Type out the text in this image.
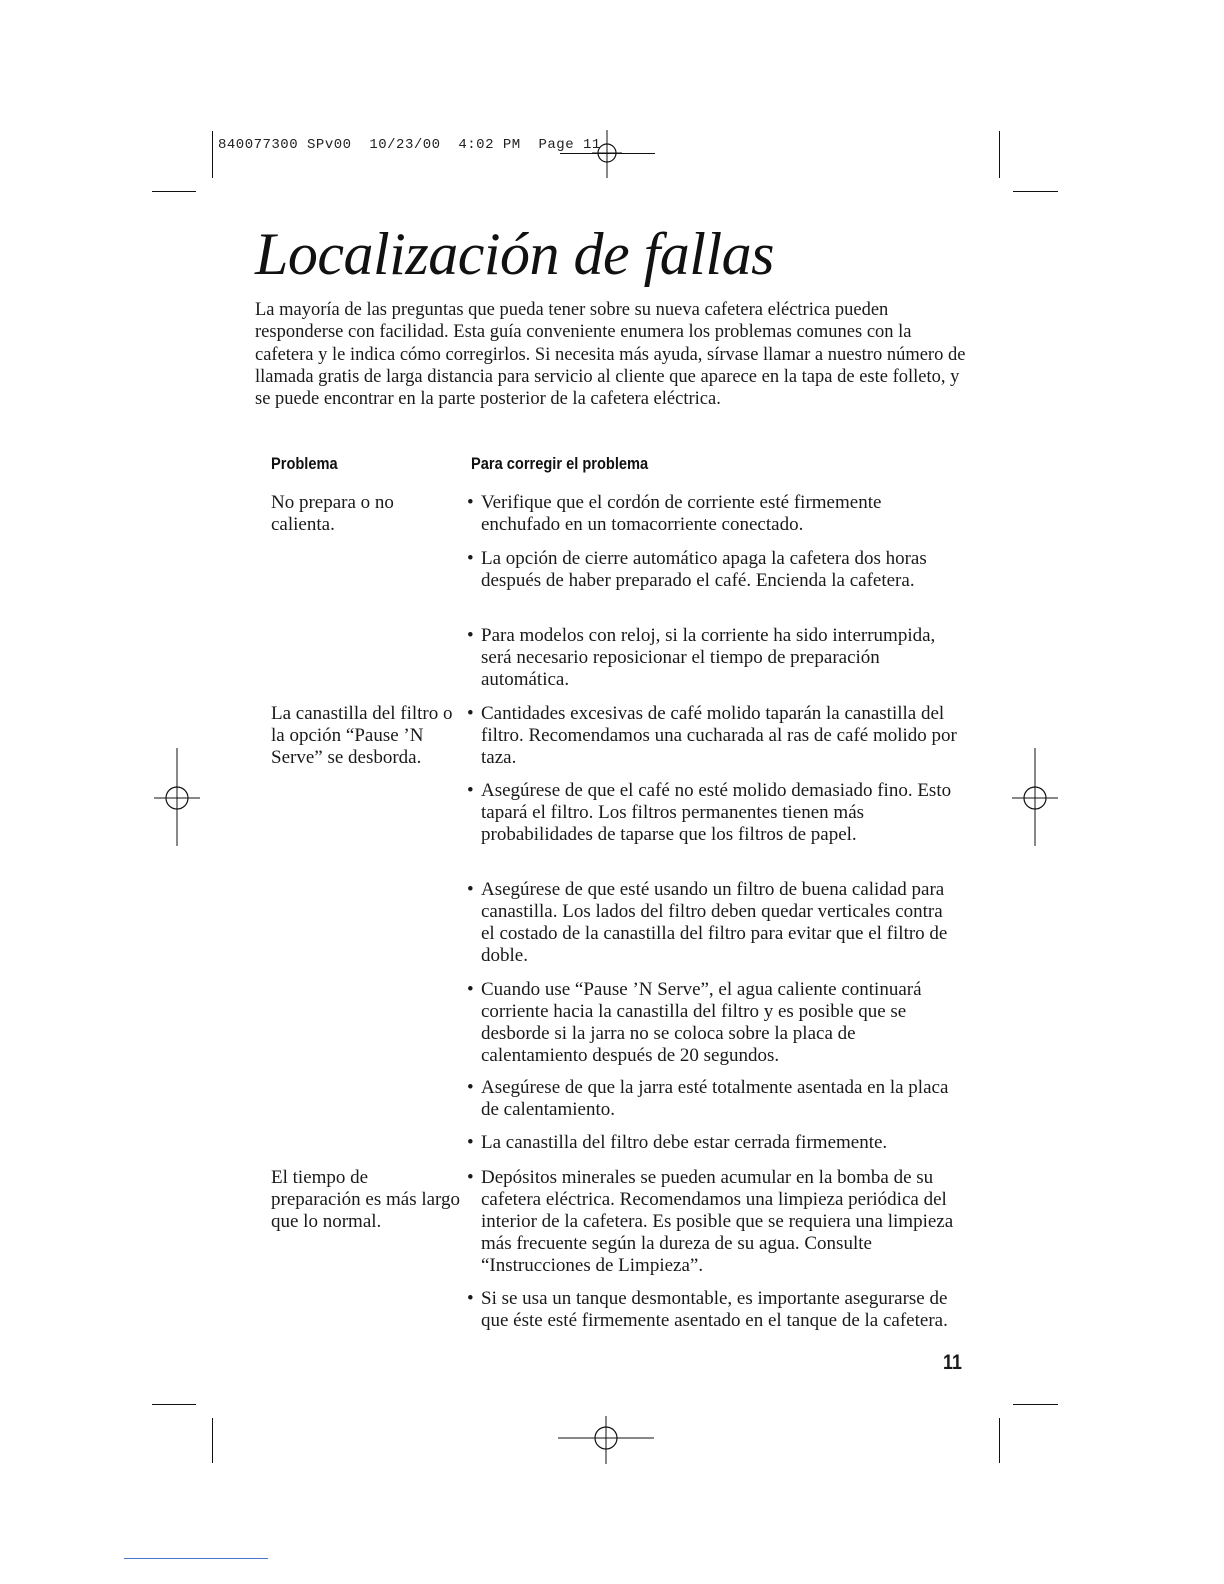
840077300 SPv00 10/23/00 4:02 PM Page 11
Localización de fallas

La mayoría de las preguntas que pueda tener sobre su nueva cafetera eléctrica pueden responderse con facilidad. Esta guía conveniente enumera los problemas comunes con la cafetera y le indica cómo corregirlos. Si necesita más ayuda, sírvase llamar a nuestro número de llamada gratis de larga distancia para servicio al cliente que aparece en la tapa de este folleto, y se puede encontrar en la parte posterior de la cafetera eléctrica.

Problema	Para corregir el problema
No prepara o no calienta.
• Verifique que el cordón de corriente esté firmemente enchufado en un tomacorriente conectado.
• La opción de cierre automático apaga la cafetera dos horas después de haber preparado el café. Encienda la cafetera.
• Para modelos con reloj, si la corriente ha sido interrumpida, será necesario reposicionar el tiempo de preparación automática.
La canastilla del filtro o la opción “Pause ’N Serve” se desborda.
• Cantidades excesivas de café molido taparán la canastilla del filtro. Recomendamos una cucharada al ras de café molido por taza.
• Asegúrese de que el café no esté molido demasiado fino. Esto tapará el filtro. Los filtros permanentes tienen más probabilidades de taparse que los filtros de papel.
• Asegúrese de que esté usando un filtro de buena calidad para canastilla. Los lados del filtro deben quedar verticales contra el costado de la canastilla del filtro para evitar que el filtro de doble.
• Cuando use “Pause ’N Serve”, el agua caliente continuará corriente hacia la canastilla del filtro y es posible que se desborde si la jarra no se coloca sobre la placa de calentamiento después de 20 segundos.
• Asegúrese de que la jarra esté totalmente asentada en la placa de calentamiento.
• La canastilla del filtro debe estar cerrada firmemente.
El tiempo de preparación es más largo que lo normal.
• Depósitos minerales se pueden acumular en la bomba de su cafetera eléctrica. Recomendamos una limpieza periódica del interior de la cafetera. Es posible que se requiera una limpieza más frecuente según la dureza de su agua. Consulte “Instrucciones de Limpieza”.
• Si se usa un tanque desmontable, es importante asegurarse de que éste esté firmemente asentado en el tanque de la cafetera.
11
